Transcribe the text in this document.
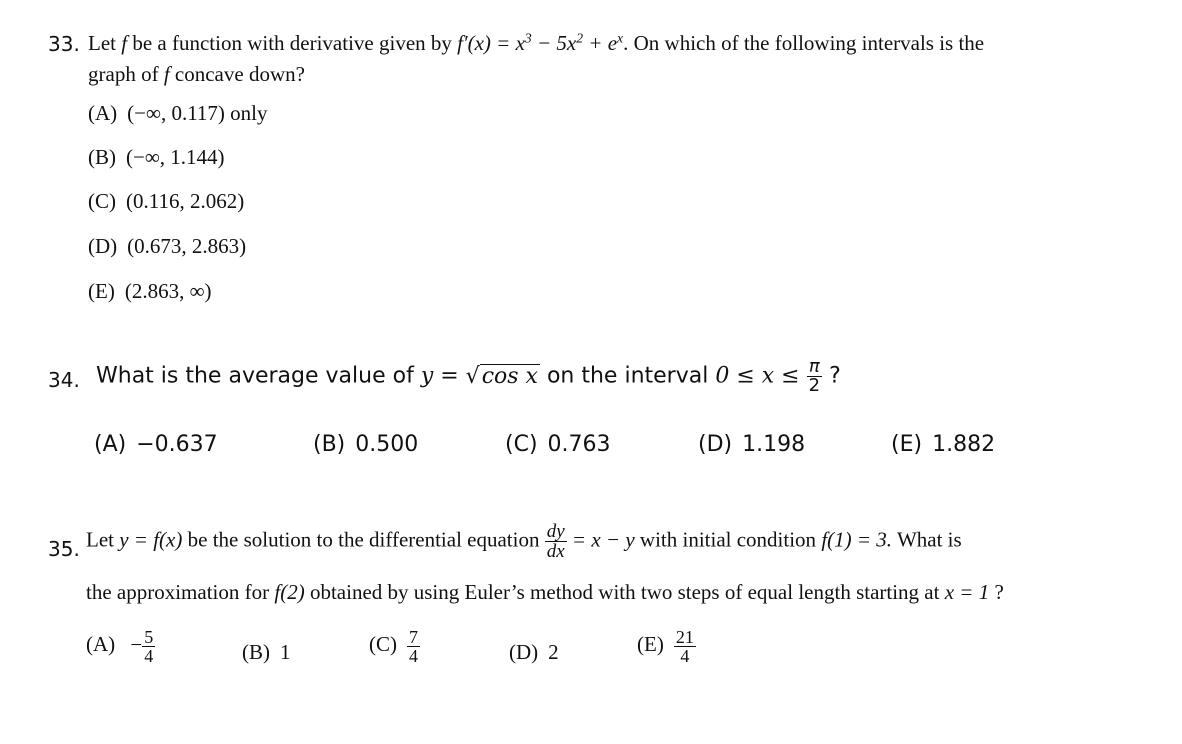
33. Let f be a function with derivative given by $f'(x) = x^3 - 5x^2 + e^x$. On which of the following intervals is the
graph of f concave down?
(A) (−∞, 0.117) only
(B) (−∞, 1.144)
(C) (0.116, 2.062)
(D) (0.673, 2.863)
(E) (2.863, ∞)
34. What is the average value of y = √cos x on the interval $0 \le x \le \frac{\pi}{2}$ ?
(A) −0.637	(B) 0.500	(C) 0.763	(D) 1.198	(E) 1.882
35. Let y = f(x) be the solution to the differential equation $\frac{dy}{dx} = x - y$ with initial condition f(1) = 3. What is
the approximation for f(2) obtained by using Euler’s method with two steps of equal length starting at x = 1 ?
$(A) - \frac{5}{4}$	(B) 1	$(C) \frac{7}{4}$	(D) 2	$(E) \frac{21}{4}$
